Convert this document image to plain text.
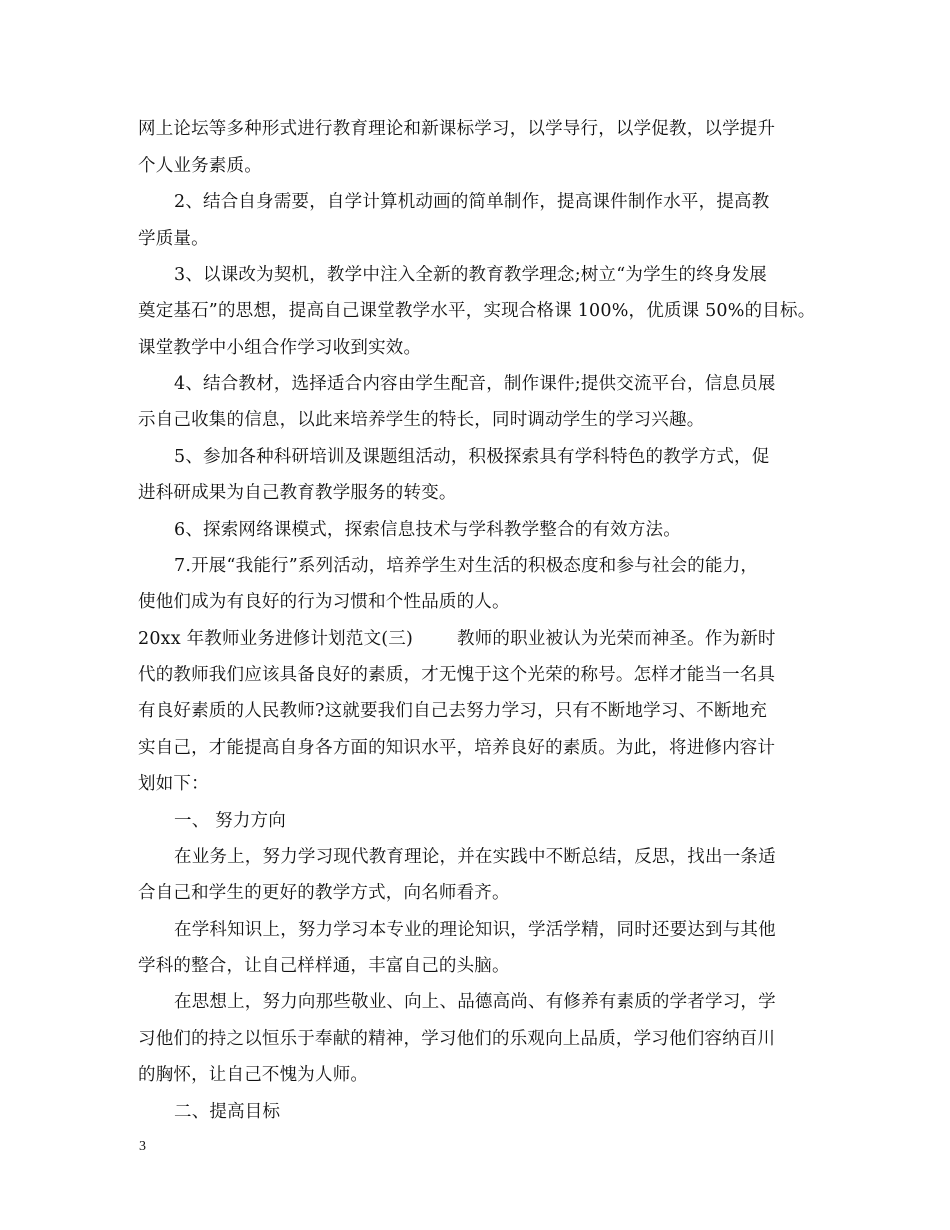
网上论坛等多种形式进行教育理论和新课标学习，以学导行，以学促教，以学提升
个人业务素质。
2、结合自身需要，自学计算机动画的简单制作，提高课件制作水平，提高教
学质量。
3、以课改为契机，教学中注入全新的教育教学理念;树立“为学生的终身发展
奠定基石”的思想，提高自己课堂教学水平，实现合格课 100%，优质课 50%的目标。
课堂教学中小组合作学习收到实效。
4、结合教材，选择适合内容由学生配音，制作课件;提供交流平台，信息员展
示自己收集的信息，以此来培养学生的特长，同时调动学生的学习兴趣。
5、参加各种科研培训及课题组活动，积极探索具有学科特色的教学方式，促
进科研成果为自己教育教学服务的转变。
6、探索网络课模式，探索信息技术与学科教学整合的有效方法。
7.开展“我能行”系列活动，培养学生对生活的积极态度和参与社会的能力，
使他们成为有良好的行为习惯和个性品质的人。
20xx 年教师业务进修计划范文(三)	教师的职业被认为光荣而神圣。作为新时
代的教师我们应该具备良好的素质，才无愧于这个光荣的称号。怎样才能当一名具
有良好素质的人民教师?这就要我们自己去努力学习，只有不断地学习、不断地充
实自己，才能提高自身各方面的知识水平，培养良好的素质。为此，将进修内容计
划如下：
一、 努力方向
在业务上，努力学习现代教育理论，并在实践中不断总结，反思，找出一条适
合自己和学生的更好的教学方式，向名师看齐。
在学科知识上，努力学习本专业的理论知识，学活学精，同时还要达到与其他
学科的整合，让自己样样通，丰富自己的头脑。
在思想上，努力向那些敬业、向上、品德高尚、有修养有素质的学者学习，学
习他们的持之以恒乐于奉献的精神，学习他们的乐观向上品质，学习他们容纳百川
的胸怀，让自己不愧为人师。
二、提高目标
3
